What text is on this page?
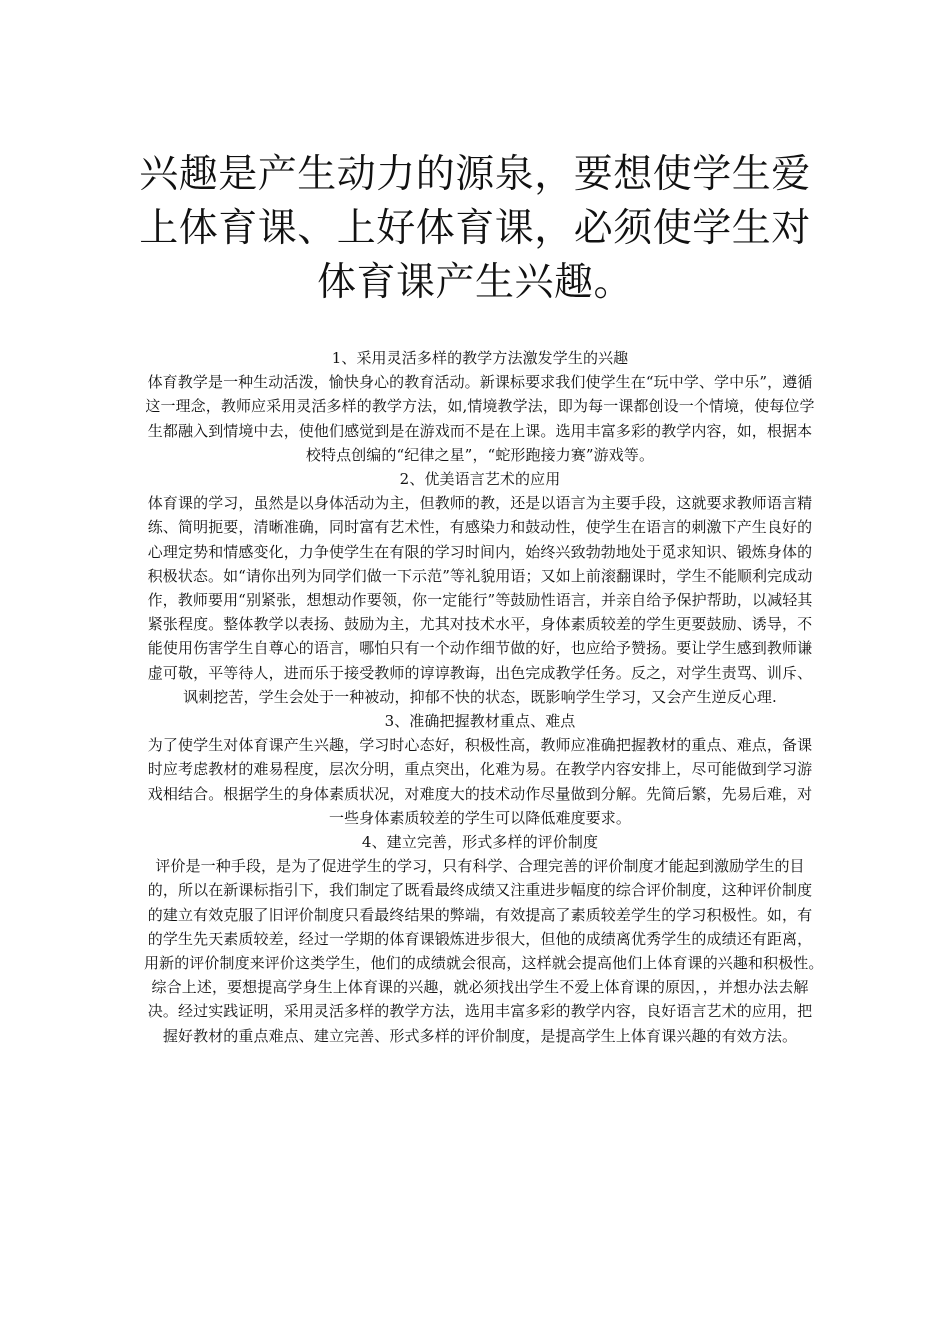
兴趣是产生动力的源泉，要想使学生爱上体育课、上好体育课，必须使学生对体育课产生兴趣。

1、采用灵活多样的教学方法激发学生的兴趣

体育教学是一种生动活泼，愉快身心的教育活动。新课标要求我们使学生在“玩中学、学中乐”，遵循这一理念，教师应采用灵活多样的教学方法，如,情境教学法，即为每一课都创设一个情境，使每位学生都融入到情境中去，使他们感觉到是在游戏而不是在上课。选用丰富多彩的教学内容，如，根据本校特点创编的“纪律之星”，“蛇形跑接力赛”游戏等。

2、优美语言艺术的应用

体育课的学习，虽然是以身体活动为主，但教师的教，还是以语言为主要手段，这就要求教师语言精练、简明扼要，清晰准确，同时富有艺术性，有感染力和鼓动性，使学生在语言的刺激下产生良好的心理定势和情感变化，力争使学生在有限的学习时间内，始终兴致勃勃地处于觅求知识、锻炼身体的积极状态。如“请你出列为同学们做一下示范”等礼貌用语；又如上前滚翻课时，学生不能顺利完成动作，教师要用“别紧张，想想动作要领，你一定能行”等鼓励性语言，并亲自给予保护帮助，以减轻其紧张程度。整体教学以表扬、鼓励为主，尤其对技术水平，身体素质较差的学生更要鼓励、诱导，不能使用伤害学生自尊心的语言，哪怕只有一个动作细节做的好，也应给予赞扬。要让学生感到教师谦虚可敬，平等待人，进而乐于接受教师的谆谆教诲，出色完成教学任务。反之，对学生责骂、训斥、讽刺挖苦，学生会处于一种被动，抑郁不快的状态，既影响学生学习，又会产生逆反心理.

3、准确把握教材重点、难点

为了使学生对体育课产生兴趣，学习时心态好，积极性高，教师应准确把握教材的重点、难点，备课时应考虑教材的难易程度，层次分明，重点突出，化难为易。在教学内容安排上，尽可能做到学习游戏相结合。根据学生的身体素质状况，对难度大的技术动作尽量做到分解。先简后繁，先易后难，对一些身体素质较差的学生可以降低难度要求。

4、建立完善，形式多样的评价制度

评价是一种手段，是为了促进学生的学习，只有科学、合理完善的评价制度才能起到激励学生的目的，所以在新课标指引下，我们制定了既看最终成绩又注重进步幅度的综合评价制度，这种评价制度的建立有效克服了旧评价制度只看最终结果的弊端，有效提高了素质较差学生的学习积极性。如，有的学生先天素质较差，经过一学期的体育课锻炼进步很大，但他的成绩离优秀学生的成绩还有距离，用新的评价制度来评价这类学生，他们的成绩就会很高，这样就会提高他们上体育课的兴趣和积极性。　　综合上述，要想提高学身生上体育课的兴趣，就必须找出学生不爱上体育课的原因，，并想办法去解决。经过实践证明，采用灵活多样的教学方法，选用丰富多彩的教学内容，良好语言艺术的应用，把握好教材的重点难点、建立完善、形式多样的评价制度，是提高学生上体育课兴趣的有效方法。
